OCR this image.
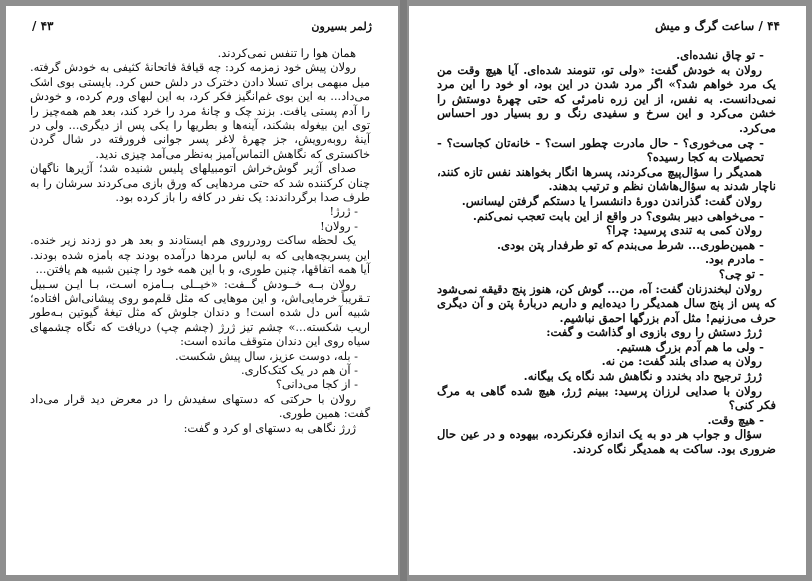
ژلمر بسیرون
۴۳ /

همان هوا را تنفس نمی‌کردند.

رولان پیش خود زمزمه کرد: چه قیافهٔ فاتحانهٔ کثیفی به خودش گرفته. میل مبهمی برای تسلا دادن دخترک در دلش حس کرد. بایستی بوی اشک می‌داد... به این بوی غم‌انگیز فکر کرد، به این لبهای ورم کرده، و خودش را آدم پستی یافت. بزند چک و چانهٔ مرد را خرد کند، بعد هم همه‌چیز را توی این بیغوله بشکند، آینه‌ها و بطریها را یکی پس از دیگری... ولی در آینهٔ روبه‌رویش، جز چهرهٔ لاغر پسر جوانی فرورفته در شال گردن خاکستری که نگاهش التماس‌آمیز به‌نظر می‌آمد چیزی ندید.

صدای آژیر گوش‌خراش اتومبیلهای پلیس شنیده شد؛ آژیرها ناگهان چنان کرکننده شد که حتی مردهایی که ورق بازی می‌کردند سرشان را به طرف صدا برگرداندند: یک نفر در کافه را باز کرده بود.

- ژرژ!

- رولان!

یک لحظه ساکت رودرروی هم ایستادند و بعد هر دو زدند زیر خنده. این پسربچه‌هایی که به لباس مردها درآمده بودند چه بامزه شده بودند. آیا همه اتفاقها، چنین طوری، و با این همه خود را چنین شبیه هم یافتن...

رولان بــه خــودش گــفت: «خیــلی بــامزه اسـت، بـا ایـن سـبیل تـقریباً خرمایی‌اش، و این موهایی که مثل قلم‌مو روی پیشانی‌اش افتاده؛ شبیه آس دل شده است! و دندان جلوش که مثل تیغهٔ گیوتین بـه‌طور اریب شکسته...» چشم تیز ژرژ (چشم چپ) دریافت که نگاه چشمهای سیاه روی این دندان متوقف مانده است:

- بله، دوست عزیز، سال پیش شکست.

- آن هم در یک کتک‌کاری.

- از کجا می‌دانی؟

رولان با حرکتی که دستهای سفیدش را در معرض دید قرار می‌داد گفت: همین طوری.

ژرژ نگاهی به دستهای او کرد و گفت:

۴۴ / ساعت گرگ و میش

- تو چاق نشده‌ای.

رولان به خودش گفت: «ولی تو، تنومند شده‌ای. آیا هیچ وقت من یک مرد خواهم شد؟» اگر مرد شدن در این بود، او خود را این مرد نمی‌دانست. به نفس، از این زره نامرئی که حتی چهرهٔ دوستش را خشن می‌کرد و این سرخ و سفیدی رنگ و رو بسیار دور احساس می‌کرد.

- چی می‌خوری؟ - حال مادرت چطور است؟ - خانه‌تان کجاست؟ - تحصیلات به کجا رسیده؟

همدیگر را سؤال‌پیچ می‌کردند، پسرها انگار بخواهند نفس تازه کنند، ناچار شدند به سؤال‌هاشان نظم و ترتیب بدهند.

رولان گفت: گذراندن دورهٔ دانشسرا یا دستکم گرفتن لیسانس.

- می‌خواهی دبیر بشوی؟ در واقع از این بابت تعجب نمی‌کنم.

رولان کمی به تندی پرسید: چرا؟

- همین‌طوری... شرط می‌بندم که تو طرفدار پتن بودی.

- مادرم بود.

- تو چی؟

رولان لبخندزنان گفت: آه، من... گوش کن، هنوز پنج دقیقه نمی‌شود که پس از پنج سال همدیگر را دیده‌ایم و داریم دربارهٔ پتن و آن دیگری حرف می‌زنیم! مثل آدم بزرگها احمق نباشیم.

ژرژ دستش را روی بازوی او گذاشت و گفت:

- ولی ما هم آدم بزرگ هستیم.

رولان به صدای بلند گفت: من نه.

ژرژ ترجیح داد بخندد و نگاهش شد نگاه یک بیگانه.

رولان با صدایی لرزان پرسید: ببینم ژرژ، هیچ شده گاهی به مرگ فکر کنی؟

- هیچ وقت.

سؤال و جواب هر دو به یک اندازه فکرنکرده، بیهوده و در عین حال ضروری بود. ساکت به همدیگر نگاه کردند.
